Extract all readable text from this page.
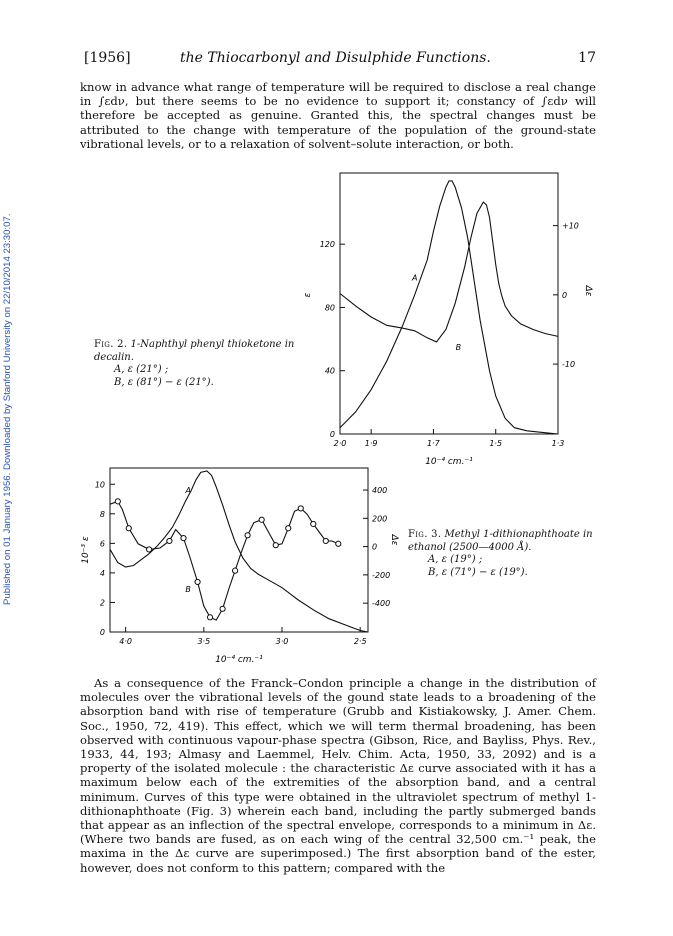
Published on 01 January 1956. Downloaded by Stanford University on 22/10/2014 23:30:07.
[1956]	the Thiocarbonyl and Disulphide Functions.	17

know in advance what range of temperature will be required to disclose a real change in ∫εdν, but there seems to be no evidence to support it; constancy of ∫εdν will therefore be accepted as genuine. Granted this, the spectral changes must be attributed to the change with temperature of the population of the ground-state vibrational levels, or to a relaxation of solvent–solute interaction, or both.

2·0 1·9	1·7	1·5	1·3
0
40
80
120
+10
0
-10
10⁻⁴ cm.⁻¹
ε	Δε
A
B
Fig. 2. 1-Naphthyl phenyl thioketone in decalin.
A, ε (21°) ;
B, ε (81°) − ε (21°).
4·0	3·5	3·0	2·5
0
2
4
6
8
10
400
200
0
-200
-400
10⁻⁴ cm.⁻¹
10⁻³ ε	Δε
A
B
Fig. 3. Methyl 1-dithionaphthoate in ethanol (2500—4000 Å).
A, ε (19°) ;
B, ε (71°) − ε (19°).

As a consequence of the Franck–Condon principle a change in the distribution of molecules over the vibrational levels of the gound state leads to a broadening of the absorption band with rise of temperature (Grubb and Kistiakowsky, J. Amer. Chem. Soc., 1950, 72, 419). This effect, which we will term thermal broadening, has been observed with continuous vapour-phase spectra (Gibson, Rice, and Bayliss, Phys. Rev., 1933, 44, 193; Almasy and Laemmel, Helv. Chim. Acta, 1950, 33, 2092) and is a property of the isolated molecule : the characteristic Δε curve associated with it has a maximum below each of the extremities of the absorption band, and a central minimum. Curves of this type were obtained in the ultraviolet spectrum of methyl 1-dithionaphthoate (Fig. 3) wherein each band, including the partly submerged bands that appear as an inflection of the spectral envelope, corresponds to a minimum in Δε. (Where two bands are fused, as on each wing of the central 32,500 cm.⁻¹ peak, the maxima in the Δε curve are superimposed.) The first absorption band of the ester, however, does not conform to this pattern; compared with the
